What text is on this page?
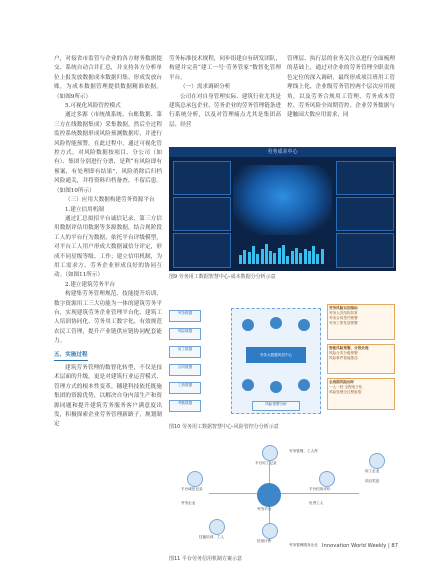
户，对接省市监管与企业的各方财务数据提交、系统自动合并汇总，并支持各方分析单位上报发放数据成本数据归集、形成发放台账，为成本数据管理提供数据精准依据。（如图9所示）

5.可视化风险管控模式

通过多源（市统战系统、台账数据、第三方在线数据集成）采集数据，然后全过程监控系统数据形成风险预测数据库，并进行风险智能预警。在此过程中，通过可视化管控方式，对风险数据按项目、分公司（如有）、集团分别进行分票，是利“有风险即有预案，有处理即有结果”，风险消除后归档风险通关，并将资料归档备查，不留后患。（如图10所示）

（三）应用大数据构建劳务资源平台

1.建立信用机制

通过汇总拟招平台诚信记录，第三方信用数据评估用数据等多源数据，结合现阶段工人的平台行为数据，依托平台评级模型，对平台工人用户形成大数据诚信分评定，形成不同星级等级、工作；建立信用机制，为用工需求方、劳务企业形成良好的协同互动。（如图11所示）

2.建立建筑劳务平台

构建集劳务管理规范、技能提升培训、数字资源用工三大功能为一体的建筑劳务平台，实现建筑劳务企业管理平台化、建筑工人培训协同化、劳务用工数字化、有效规范农民工管理，提升产业链供应链协同配套能力。

五、实施过程

建筑劳务管理的数智化转型，不仅是技术层面的升级，更是对建筑行业运营模式、管理方式的根本性变革。穗建科技依托既施集团的资源优势，以解决自身内部生产和资源同题和提升建筑劳务服务客户满意度出发，积极探索企业劳务管理新路子，规划制定

劳务标准技术规程，同步组建自有研发团队，构建并完善“建工一号·劳务管家”数智化管理平台。

（一）需求调研分析

公司在对自身管理实际、建筑行业尤其是建筑总承包企业、劳务企业的劳务管理链条进行系统分析，以及对管理痛点尤其是集团高层、经营

管理层、执行层的业务关注点进行全面梳理的基础上，通过对企业的劳务管理全职责角色定位的深入调研，最终形成项目班用工管理线上化、企业级劳务管控两个层次应用视角，以及劳务合规用工管理、劳务成本管控、劳务风险全周期管控、企业劳务数据与建触园大数应用需求，同

劳务成本中心
图9 劳务用工数据智慧中心-成本数据分分析示意
劳务数据
风险数据
用工数据
合同数据
工资数据
考勤数据
劳务大数据风控中心
风险预警分析
劳务风险识别指标
劳务人员结构异常
劳务合同签约预警
劳务工资发放预警
智能风险预警、分级处理
风险分类分级预警
风险事件智能推送
全周期风险闭环
一人一档 全程电子化
风险处理全过程留痕
图10 劳务用工数据智慧中心-风险管控分分析示意
平台用工记录
劳务管理、工人库
平台诚信记录
劳务企业
劳务平台
平台信用评价
优秀工人
用工企业
项目奖惩
技能培训、工人
信用评价
劳务管理服务企业
图11 平台劳务信用机制方案示意
Innovation World Weekly | 87
